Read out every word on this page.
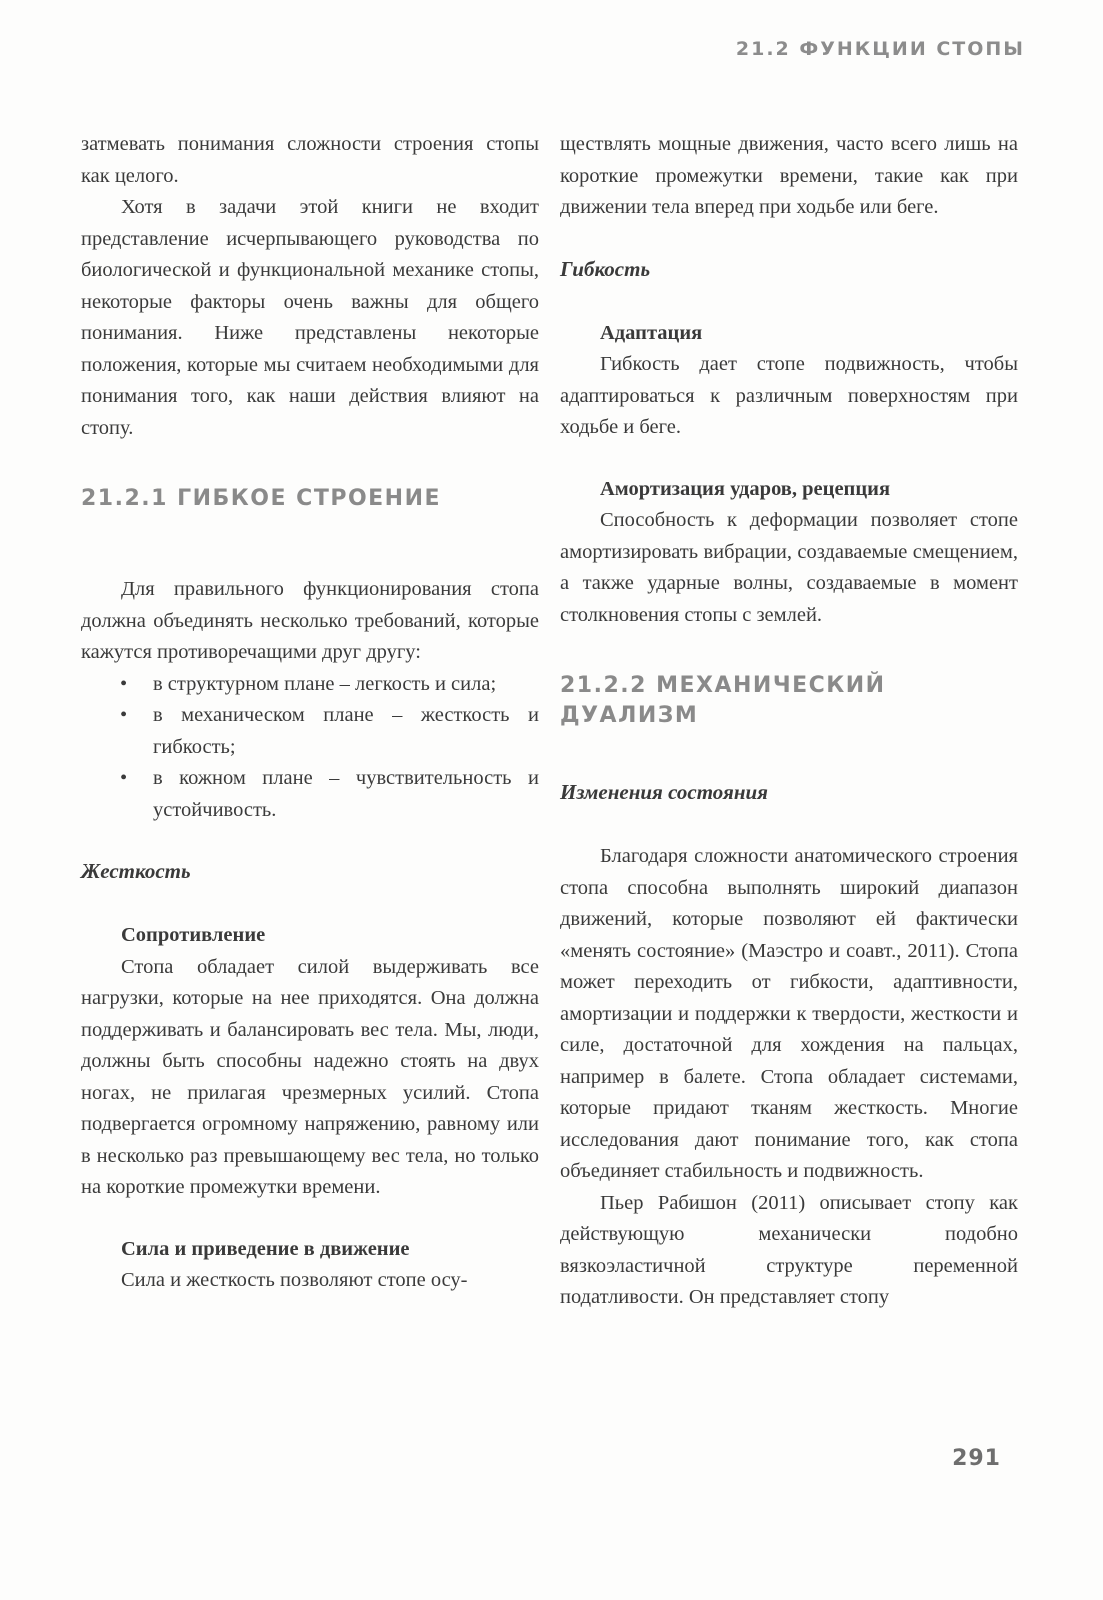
21.2 ФУНКЦИИ СТОПЫ

затмевать понимания сложности строения стопы как целого.

Хотя в задачи этой книги не входит представление исчерпывающего руководства по биологической и функциональной механике стопы, некоторые факторы очень важны для общего понимания. Ниже представлены некоторые положения, которые мы считаем необходимыми для понимания того, как наши действия влияют на стопу.

21.2.1 ГИБКОЕ СТРОЕНИЕ

Для правильного функционирования стопа должна объединять несколько требований, которые кажутся противоречащими друг другу:

• в структурном плане – легкость и сила;
• в механическом плане – жесткость и гибкость;
• в кожном плане – чувствительность и устойчивость.
Жесткость
Сопротивление

Стопа обладает силой выдерживать все нагрузки, которые на нее приходятся. Она должна поддерживать и балансировать вес тела. Мы, люди, должны быть способны надежно стоять на двух ногах, не прилагая чрезмерных усилий. Стопа подвергается огромному напряжению, равному или в несколько раз превышающему вес тела, но только на короткие промежутки времени.

Сила и приведение в движение

Сила и жесткость позволяют стопе осу-

ществлять мощные движения, часто всего лишь на короткие промежутки времени, такие как при движении тела вперед при ходьбе или беге.

Гибкость
Адаптация

Гибкость дает стопе подвижность, чтобы адаптироваться к различным поверхностям при ходьбе и беге.

Амортизация ударов, рецепция

Способность к деформации позволяет стопе амортизировать вибрации, создаваемые смещением, а также ударные волны, создаваемые в момент столкновения стопы с землей.

21.2.2 МЕХАНИЧЕСКИЙ ДУАЛИЗМ
Изменения состояния

Благодаря сложности анатомического строения стопа способна выполнять широкий диапазон движений, которые позволяют ей фактически «менять состояние» (Маэстро и соавт., 2011). Стопа может переходить от гибкости, адаптивности, амортизации и поддержки к твердости, жесткости и силе, достаточной для хождения на пальцах, например в балете. Стопа обладает системами, которые придают тканям жесткость. Многие исследования дают понимание того, как стопа объединяет стабильность и подвижность.

Пьер Рабишон (2011) описывает стопу как действующую механически подобно вязкоэластичной структуре переменной податливости. Он представляет стопу

291
